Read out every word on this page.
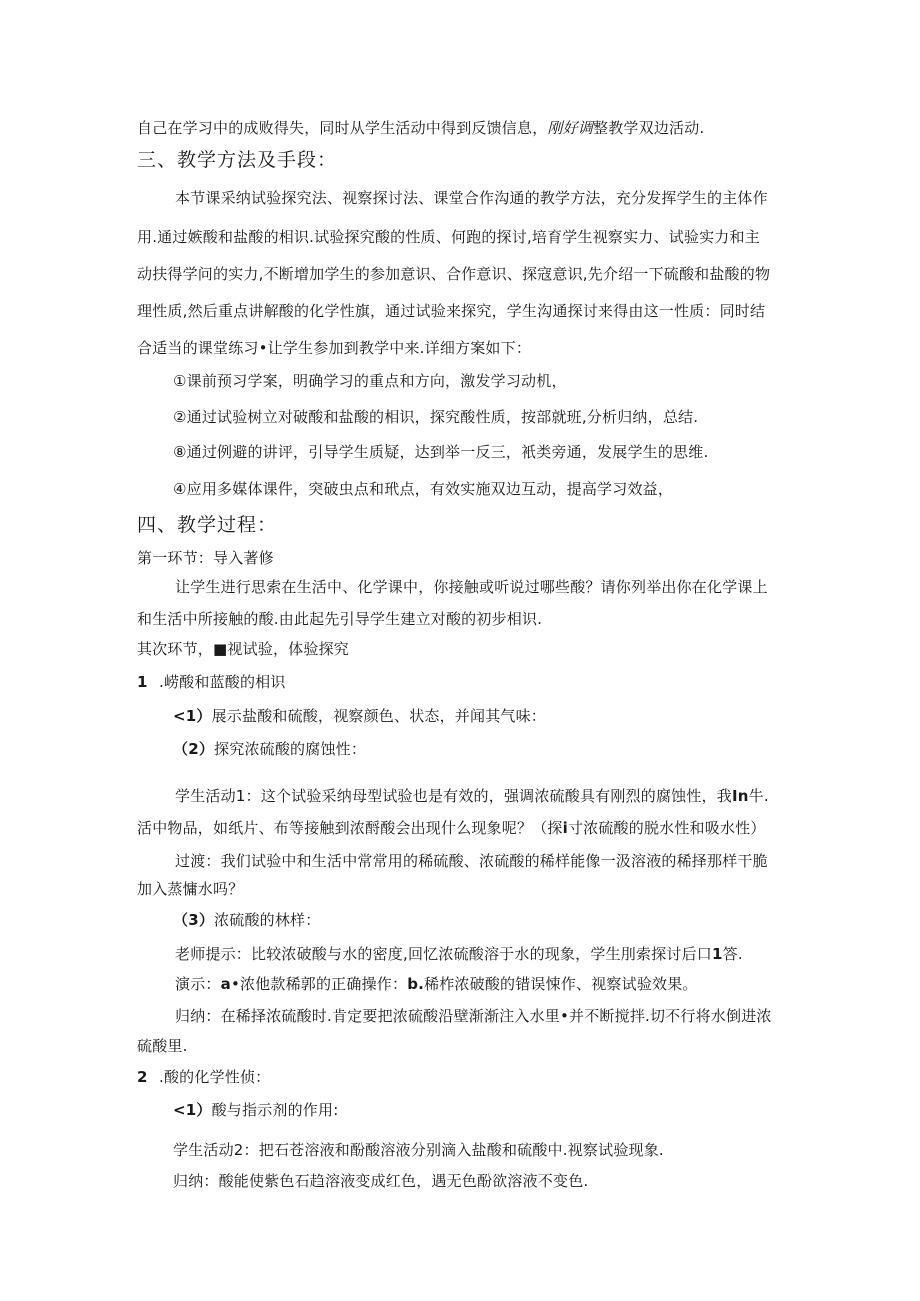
自己在学习中的成败得失，同时从学生活动中得到反馈信息，刚好调整教学双边活动.
三、教学方法及手段：
本节课采纳试验探究法、视察探讨法、课堂合作沟通的教学方法，充分发挥学生的主体作
用.通过嫉酸和盐酸的相识.试验探究酸的性质、何跑的探讨,培育学生视察实力、试验实力和主
动扶得学问的实力,不断增加学生的参加意识、合作意识、探寇意识,先介绍一下硫酸和盐酸的物
理性质,然后重点讲解酸的化学性旗，通过试验来探究，学生沟通探讨来得由这一性质：同时结
合适当的课堂练习•让学生参加到教学中来.详细方案如下：
①课前预习学案，明确学习的重点和方向，激发学习动机，
②通过试验树立对破酸和盐酸的相识，探究酸性质，按部就班,分析归纳，总结.
⑧通过例避的讲评，引导学生质疑，达到举一反三，衹类旁通，发展学生的思维.
④应用多媒体课件，突破虫点和玳点，有效实施双边互动，提高学习效益，
四、教学过程：
第一环节：导入著修
让学生进行思索在生活中、化学课中，你接触或听说过哪些酸？请你列举出你在化学课上
和生活中所接触的酸.由此起先引导学生建立对酸的初步相识.
其次环节，■视试验，体验探究
1 .崂酸和蓝酸的相识
<1）展示盐酸和硫酸，视察颜色、状态，并闻其气味：
（2）探究浓硫酸的腐蚀性：
学生活动1：这个试验采纳母型试验也是有效的，强调浓硫酸具有刚烈的腐蚀性，我In牛.
活中物品，如纸片、布等接触到浓酹酸会出现什么现象呢？（探i寸浓硫酸的脱水性和吸水性）
过渡：我们试验中和生活中常常用的稀硫酸、浓硫酸的稀样能像一汲溶液的稀择那样干脆
加入蒸慵水吗？
（3）浓硫酸的林样：
老师提示：比较浓破酸与水的密度,回忆浓硫酸溶于水的现象，学生刖索探讨后口1答.
演示：a•浓他款稀郭的正确操作：b.稀柞浓破酸的错误悚作、视察试验效果。
归纳：在稀择浓硫酸时.肯定要把浓硫酸沿壁渐渐注入水里•并不断搅拌.切不行将水倒进浓
硫酸里.
2 .酸的化学性侦：
<1）酸与指示剂的作用:
学生活动2：把石苍溶液和酚酸溶液分别滴入盐酸和硫酸中.视察试验现象.
归纳：酸能使紫色石趋溶液变成红色，遇无色酚欲溶液不变色.
